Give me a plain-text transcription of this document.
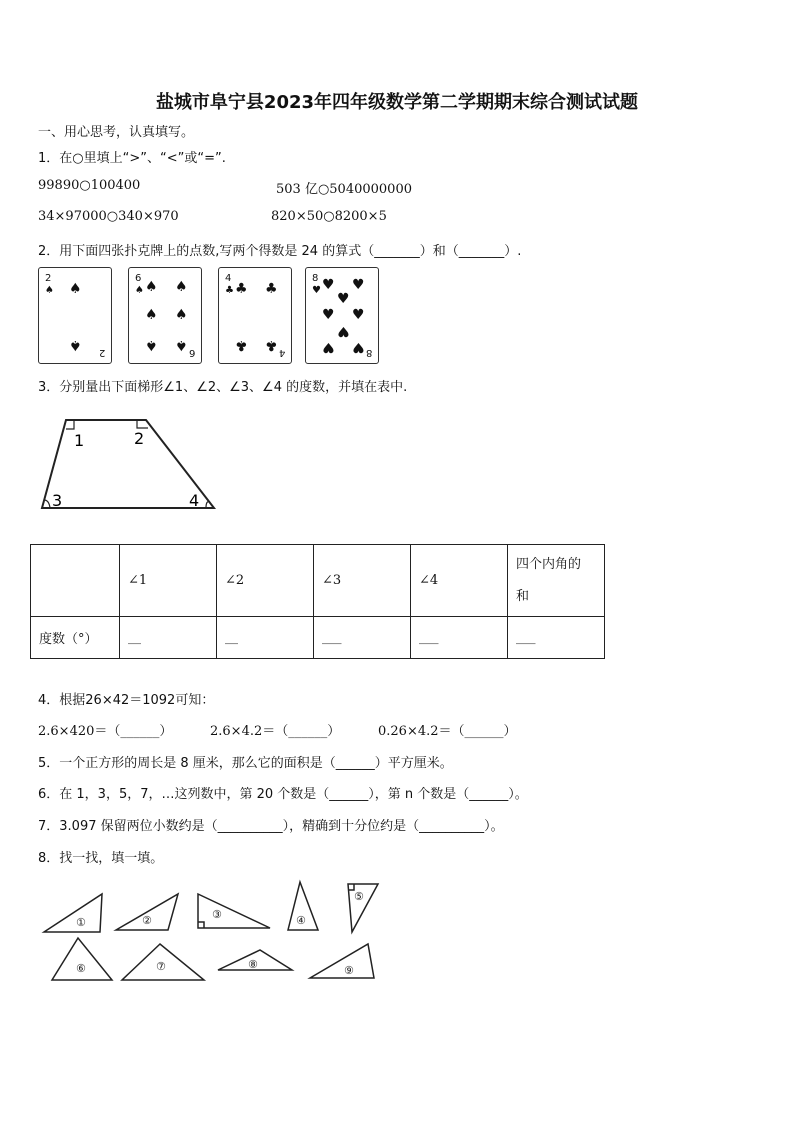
盐城市阜宁县2023年四年级数学第二学期期末综合测试试题
一、用心思考，认真填写。
1．在○里填上“>”、“<”或“=”.
99890○100400	503 亿○5040000000
34×97000○340×970	820×50○8200×5
2．用下面四张扑克牌上的点数,写两个得数是 24 的算式（_______）和（_______）.
2
♠ ♠
♠ 2
6
♠ ♠ ♠
♠ ♠
♠ ♠ 6
4
♣ ♣ ♣
♣ ♣ 4
8
♥ ♥ ♥
♥
♥ ♥
♥
♥ ♥ 8
3．分别量出下面梯形∠1、∠2、∠3、∠4 的度数，并填在表中.
1	2
3	4
	∠1	∠2	∠3	∠4	四个内角的
和

度数（°）	__	__	___	___	___
4．根据26×42＝1092可知：
2.6×420＝（______）	2.6×4.2＝（______）	0.26×4.2＝（______）
5．一个正方形的周长是 8 厘米，那么它的面积是（______）平方厘米。
6．在 1，3，5，7，…这列数中，第 20 个数是（______），第 n 个数是（______）。
7．3.097 保留两位小数约是（__________），精确到十分位约是（__________）。
8．找一找，填一填。
①	②	③	④
⑤
⑥	⑦	⑧	⑨
